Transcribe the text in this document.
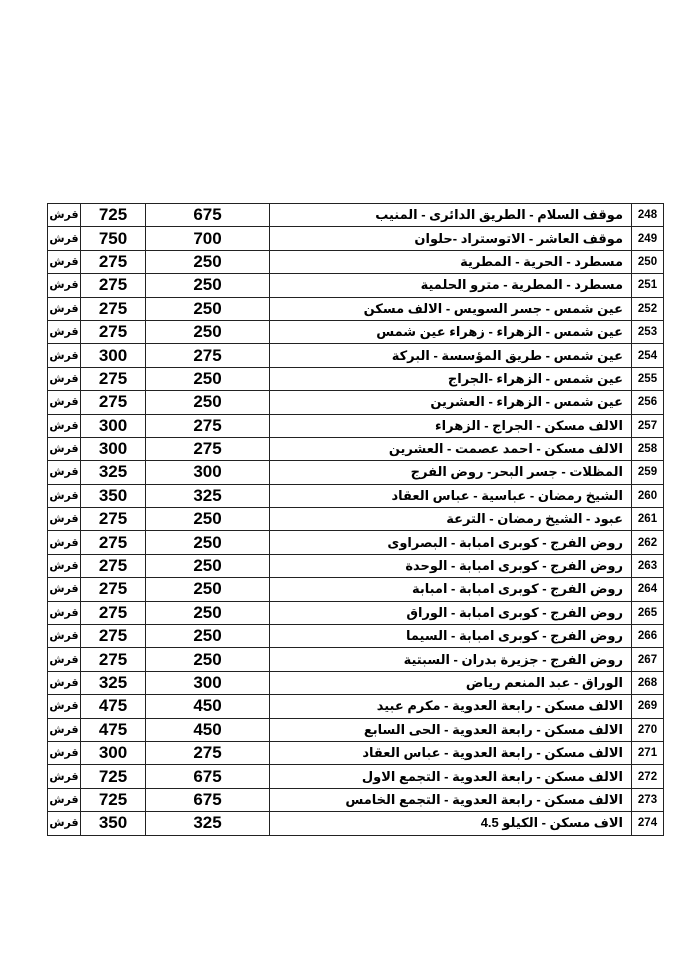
قرش	725	675	موقف السلام - الطريق الدائرى - المنيب	248
قرش	750	700	موقف العاشر - الاتوستراد -حلوان	249
قرش	275	250	مسطرد - الحرية - المطرية	250
قرش	275	250	مسطرد - المطرية - مترو الحلمية	251
قرش	275	250	عين شمس - جسر السويس - الالف مسكن	252
قرش	275	250	عين شمس - الزهراء - زهراء عين شمس	253
قرش	300	275	عين شمس - طريق المؤسسة - البركة	254
قرش	275	250	عين شمس - الزهراء -الجراج	255
قرش	275	250	عين شمس - الزهراء - العشرين	256
قرش	300	275	الالف مسكن - الجراج - الزهراء	257
قرش	300	275	الالف مسكن - احمد عصمت - العشرين	258
قرش	325	300	المظلات - جسر البحر- روض الفرج	259
قرش	350	325	الشيخ رمضان - عباسية - عباس العقاد	260
قرش	275	250	عبود - الشيخ رمضان - الترعة	261
قرش	275	250	روض الفرج - كوبرى امبابة - البصراوى	262
قرش	275	250	روض الفرج - كوبرى امبابة - الوحدة	263
قرش	275	250	روض الفرج - كوبرى امبابة - امبابة	264
قرش	275	250	روض الفرج - كوبرى امبابة - الوراق	265
قرش	275	250	روض الفرج - كوبرى امبابة - السيما	266
قرش	275	250	روض الفرج - جزيرة بدران - السبتية	267
قرش	325	300	الوراق - عبد المنعم رياض	268
قرش	475	450	الالف مسكن - رابعة العدوية - مكرم عبيد	269
قرش	475	450	الالف مسكن - رابعة العدوية - الحى السابع	270
قرش	300	275	الالف مسكن - رابعة العدوية - عباس العقاد	271
قرش	725	675	الالف مسكن - رابعة العدوية - التجمع الاول	272
قرش	725	675	الالف مسكن - رابعة العدوية - التجمع الخامس	273
قرش	350	325	الاف مسكن - الكيلو 4.5	274
